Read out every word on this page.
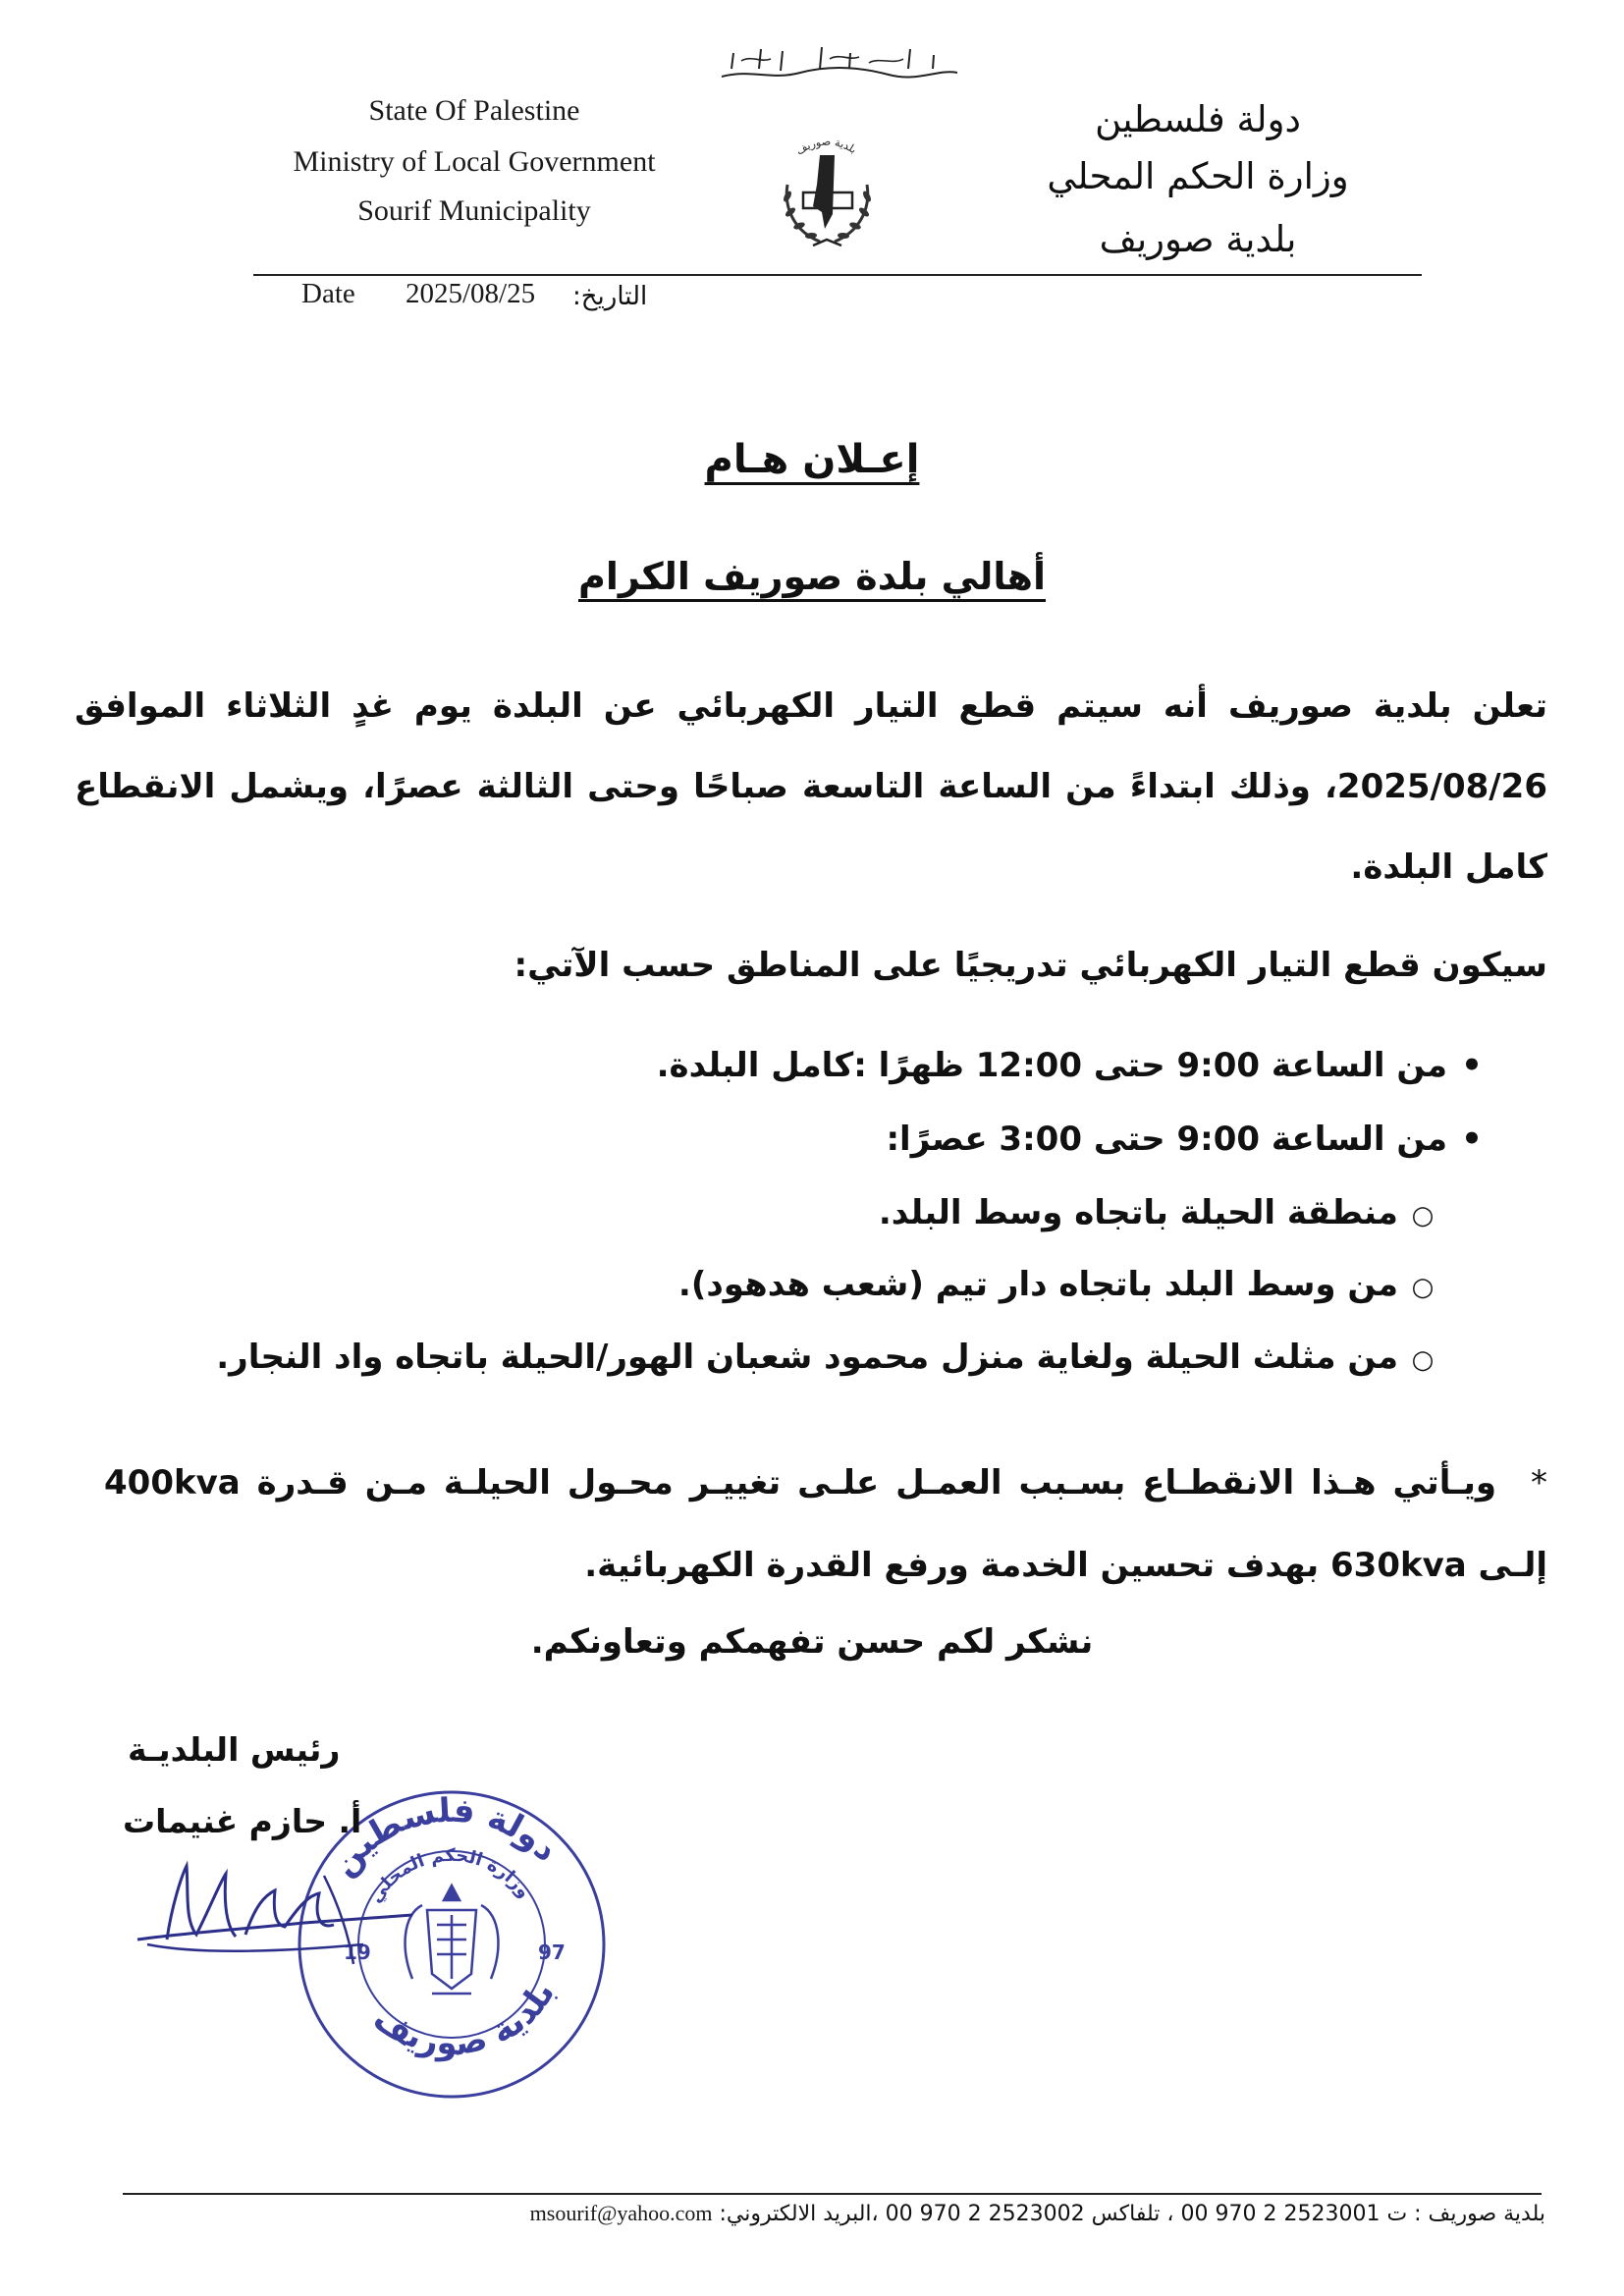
State Of Palestine
Ministry of Local Government
Sourif Municipality
دولة فلسطين
وزارة الحكم المحلي
بلدية صوريف
بلدية صوريف
Date 2025/08/25 التاريخ:
إعـلان هـام
أهالي بلدة صوريف الكرام
تعلن بلدية صوريف أنه سيتم قطع التيار الكهربائي عن البلدة يوم غدٍ الثلاثاء الموافق 2025/08/26، وذلك ابتداءً من الساعة التاسعة صباحًا وحتى الثالثة عصرًا، ويشمل الانقطاع كامل البلدة.
سيكون قطع التيار الكهربائي تدريجيًا على المناطق حسب الآتي:
•من الساعة 9:00 حتى 12:00 ظهرًا :كامل البلدة.
•من الساعة 9:00 حتى 3:00 عصرًا:
○منطقة الحيلة باتجاه وسط البلد.
○من وسط البلد باتجاه دار تيم (شعب هدهود).
○من مثلث الحيلة ولغاية منزل محمود شعبان الهور/الحيلة باتجاه واد النجار.
*ويـأتي هـذا الانقطـاع بسـبب العمـل علـى تغييـر محـول الحيلـة مـن قـدرة 400kva إلـى 630kva بهدف تحسين الخدمة ورفع القدرة الكهربائية.
نشكر لكم حسن تفهمكم وتعاونكم.
دولة فلسطين
وزارة الحكم المحلي
بلدية صوريف
19	97
رئيس البلديـة
أ. حازم غنيمات
بلدية صوريف : ت 2523001 2 970 00 ، تلفاكس 2523002 2 970 00 ،البريد الالكتروني: msourif@yahoo.com
